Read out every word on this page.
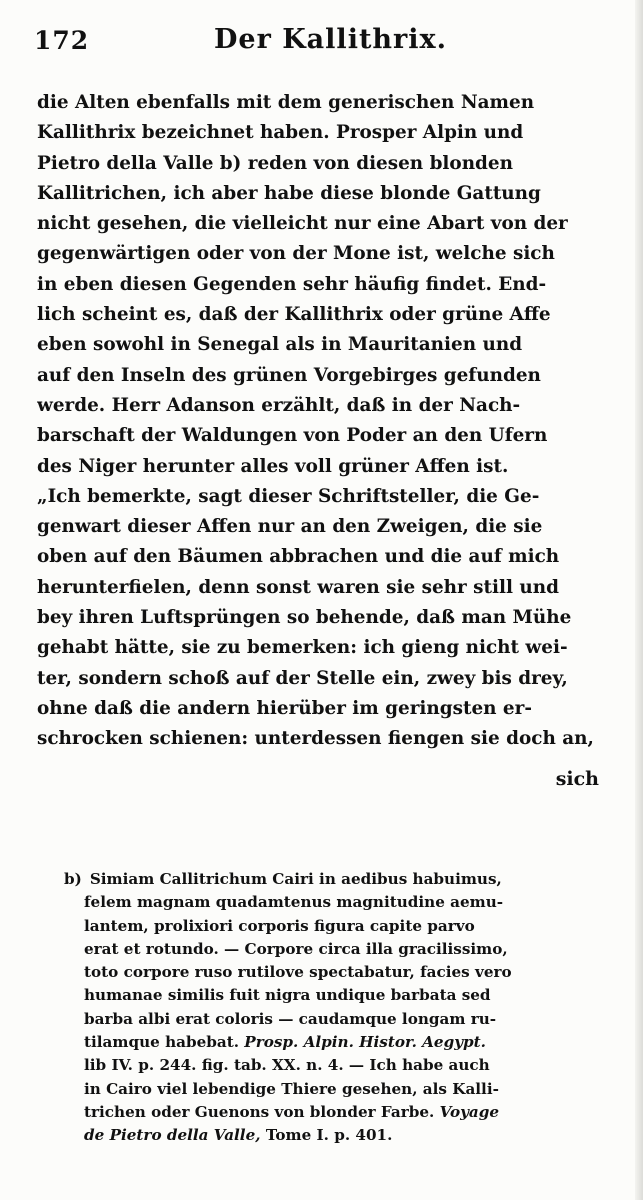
172	Der Kallithrix.
die Alten ebenfalls mit dem generischen Namen
Kallithrix bezeichnet haben. Prosper Alpin und
Pietro della Valle b) reden von diesen blonden
Kallitrichen, ich aber habe diese blonde Gattung
nicht gesehen, die vielleicht nur eine Abart von der
gegenwärtigen oder von der Mone ist, welche sich
in eben diesen Gegenden sehr häufig findet. End-
lich scheint es, daß der Kallithrix oder grüne Affe
eben sowohl in Senegal als in Mauritanien und
auf den Inseln des grünen Vorgebirges gefunden
werde. Herr Adanson erzählt, daß in der Nach-
barschaft der Waldungen von Poder an den Ufern
des Niger herunter alles voll grüner Affen ist.
„Ich bemerkte, sagt dieser Schriftsteller, die Ge-
genwart dieser Affen nur an den Zweigen, die sie
oben auf den Bäumen abbrachen und die auf mich
herunterfielen, denn sonst waren sie sehr still und
bey ihren Luftsprüngen so behende, daß man Mühe
gehabt hätte, sie zu bemerken: ich gieng nicht wei-
ter, sondern schoß auf der Stelle ein, zwey bis drey,
ohne daß die andern hierüber im geringsten er-
schrocken schienen: unterdessen fiengen sie doch an,
sich
b) Simiam Callitrichum Cairi in aedibus habuimus,
felem magnam quadamtenus magnitudine aemu-
lantem, prolixiori corporis figura capite parvo
erat et rotundo. — Corpore circa illa gracilissimo,
toto corpore ruso rutilove spectabatur, facies vero
humanae similis fuit nigra undique barbata sed
barba albi erat coloris — caudamque longam ru-
tilamque habebat. Prosp. Alpin. Histor. Aegypt.
lib IV. p. 244. fig. tab. XX. n. 4. — Ich habe auch
in Cairo viel lebendige Thiere gesehen, als Kalli-
trichen oder Guenons von blonder Farbe. Voyage
de Pietro della Valle, Tome I. p. 401.
